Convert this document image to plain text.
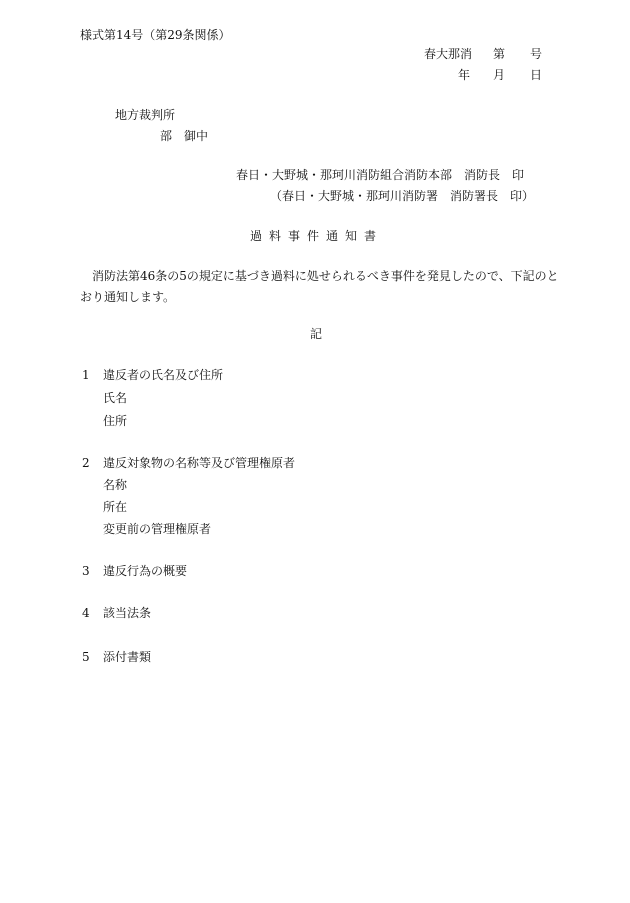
様式第14号（第29条関係）
春大那消 第 号
年 月 日
地方裁判所
部　御中
春日・大野城・那珂川消防組合消防本部　消防長　印
（春日・大野城・那珂川消防署　消防署長　印）
過料事件通知書
消防法第46条の5の規定に基づき過料に処せられるべき事件を発見したので、下記のとおり通知します。
記
1 違反者の氏名及び住所
氏名
住所
2 違反対象物の名称等及び管理権原者
名称
所在
変更前の管理権原者
3 違反行為の概要
4 該当法条
5 添付書類
